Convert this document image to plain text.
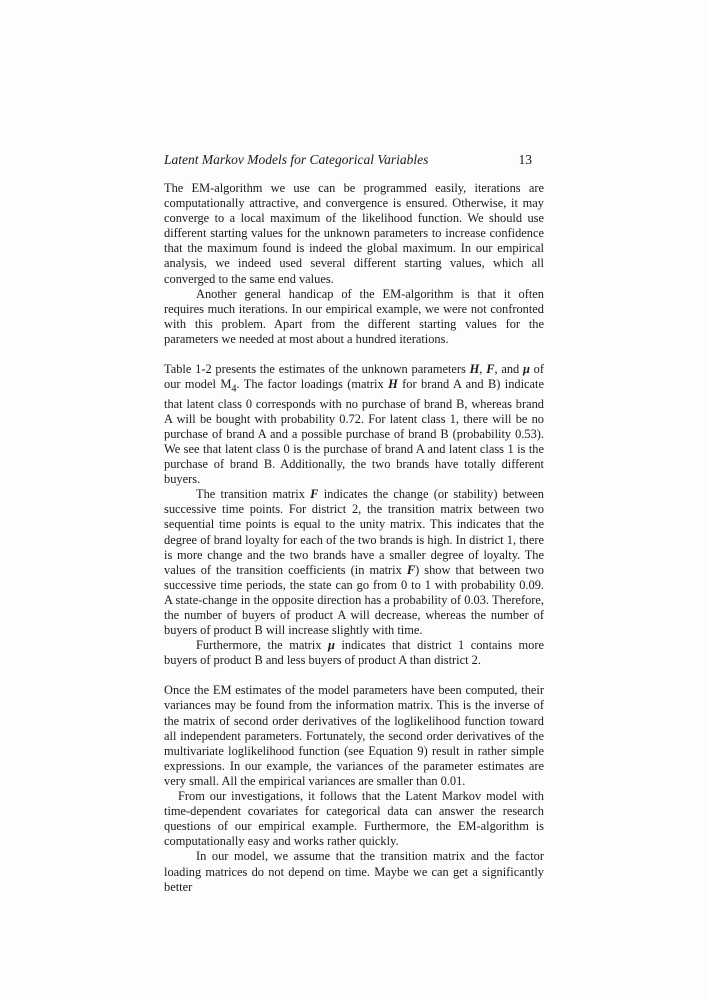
Latent Markov Models for Categorical Variables	13

The EM-algorithm we use can be programmed easily, iterations are computationally attractive, and convergence is ensured. Otherwise, it may converge to a local maximum of the likelihood function. We should use different starting values for the unknown parameters to increase confidence that the maximum found is indeed the global maximum. In our empirical analysis, we indeed used several different starting values, which all converged to the same end values.

Another general handicap of the EM-algorithm is that it often requires much iterations. In our empirical example, we were not confronted with this problem. Apart from the different starting values for the parameters we needed at most about a hundred iterations.

Table 1-2 presents the estimates of the unknown parameters H, F, and μ of our model $M_4$. The factor loadings (matrix H for brand A and B) indicate that latent class 0 corresponds with no purchase of brand B, whereas brand A will be bought with probability 0.72. For latent class 1, there will be no purchase of brand A and a possible purchase of brand B (probability 0.53). We see that latent class 0 is the purchase of brand A and latent class 1 is the purchase of brand B. Additionally, the two brands have totally different buyers.

The transition matrix F indicates the change (or stability) between successive time points. For district 2, the transition matrix between two sequential time points is equal to the unity matrix. This indicates that the degree of brand loyalty for each of the two brands is high. In district 1, there is more change and the two brands have a smaller degree of loyalty. The values of the transition coefficients (in matrix F) show that between two successive time periods, the state can go from 0 to 1 with probability 0.09. A state-change in the opposite direction has a probability of 0.03. Therefore, the number of buyers of product A will decrease, whereas the number of buyers of product B will increase slightly with time.

Furthermore, the matrix μ indicates that district 1 contains more buyers of product B and less buyers of product A than district 2.

Once the EM estimates of the model parameters have been computed, their variances may be found from the information matrix. This is the inverse of the matrix of second order derivatives of the loglikelihood function toward all independent parameters. Fortunately, the second order derivatives of the multivariate loglikelihood function (see Equation 9) result in rather simple expressions. In our example, the variances of the parameter estimates are very small. All the empirical variances are smaller than 0.01.

From our investigations, it follows that the Latent Markov model with time-dependent covariates for categorical data can answer the research questions of our empirical example. Furthermore, the EM-algorithm is computationally easy and works rather quickly.

In our model, we assume that the transition matrix and the factor loading matrices do not depend on time. Maybe we can get a significantly better
